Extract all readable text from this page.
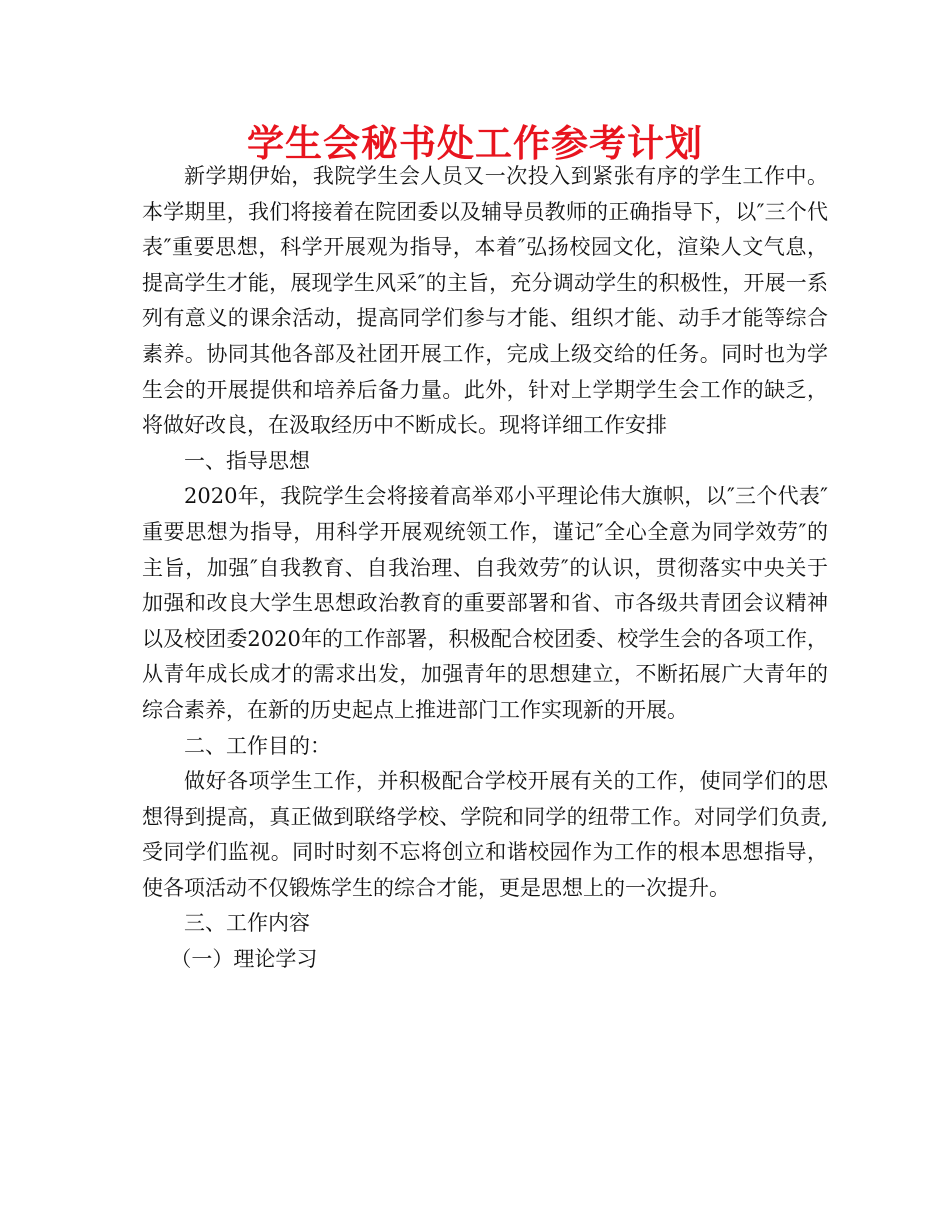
学生会秘书处工作参考计划

新学期伊始，我院学生会人员又一次投入到紧张有序的学生工作中。本学期里，我们将接着在院团委以及辅导员教师的正确指导下，以″三个代表″重要思想，科学开展观为指导，本着″弘扬校园文化，渲染人文气息，提高学生才能，展现学生风采″的主旨，充分调动学生的积极性，开展一系列有意义的课余活动，提高同学们参与才能、组织才能、动手才能等综合素养。协同其他各部及社团开展工作，完成上级交给的任务。同时也为学生会的开展提供和培养后备力量。此外，针对上学期学生会工作的缺乏，将做好改良，在汲取经历中不断成长。现将详细工作安排

一、指导思想

2020年，我院学生会将接着高举邓小平理论伟大旗帜，以″三个代表″重要思想为指导，用科学开展观统领工作，谨记″全心全意为同学效劳″的主旨，加强″自我教育、自我治理、自我效劳″的认识，贯彻落实中央关于加强和改良大学生思想政治教育的重要部署和省、市各级共青团会议精神以及校团委2020年的工作部署，积极配合校团委、校学生会的各项工作，从青年成长成才的需求出发，加强青年的思想建立，不断拓展广大青年的综合素养，在新的历史起点上推进部门工作实现新的开展。

二、工作目的：

做好各项学生工作，并积极配合学校开展有关的工作，使同学们的思想得到提高，真正做到联络学校、学院和同学的纽带工作。对同学们负责,受同学们监视。同时时刻不忘将创立和谐校园作为工作的根本思想指导，使各项活动不仅锻炼学生的综合才能，更是思想上的一次提升。

三、工作内容

（一）理论学习
